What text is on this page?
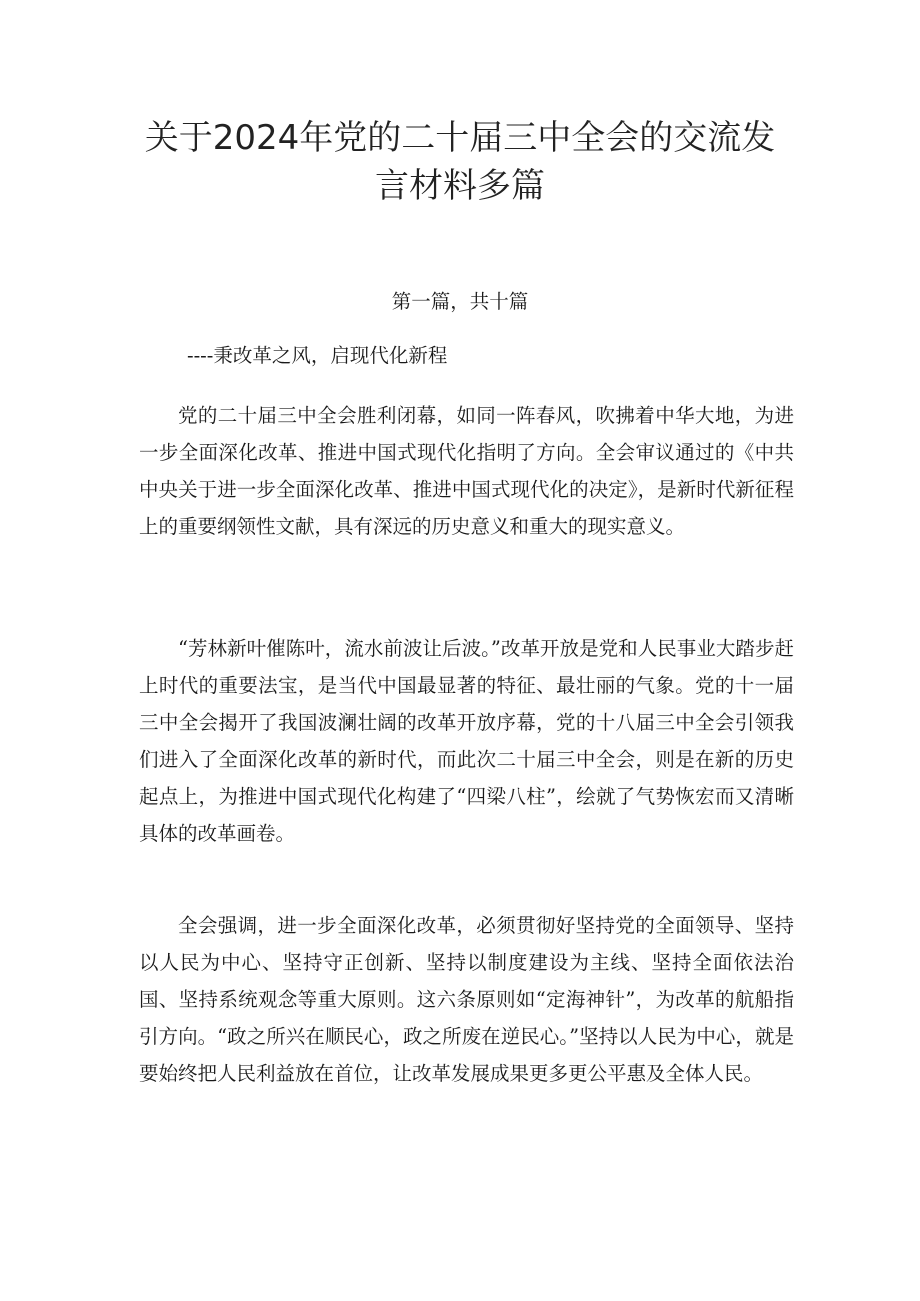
关于2024年党的二十届三中全会的交流发
言材料多篇

第一篇，共十篇

----秉改革之风，启现代化新程

党的二十届三中全会胜利闭幕，如同一阵春风，吹拂着中华大地，为进一步全面深化改革、推进中国式现代化指明了方向。全会审议通过的《中共中央关于进一步全面深化改革、推进中国式现代化的决定》，是新时代新征程上的重要纲领性文献，具有深远的历史意义和重大的现实意义。

“芳林新叶催陈叶，流水前波让后波。”改革开放是党和人民事业大踏步赶上时代的重要法宝，是当代中国最显著的特征、最壮丽的气象。党的十一届三中全会揭开了我国波澜壮阔的改革开放序幕，党的十八届三中全会引领我们进入了全面深化改革的新时代，而此次二十届三中全会，则是在新的历史起点上，为推进中国式现代化构建了“四梁八柱”，绘就了气势恢宏而又清晰具体的改革画卷。

全会强调，进一步全面深化改革，必须贯彻好坚持党的全面领导、坚持以人民为中心、坚持守正创新、坚持以制度建设为主线、坚持全面依法治国、坚持系统观念等重大原则。这六条原则如“定海神针”，为改革的航船指引方向。“政之所兴在顺民心，政之所废在逆民心。”坚持以人民为中心，就是要始终把人民利益放在首位，让改革发展成果更多更公平惠及全体人民。
